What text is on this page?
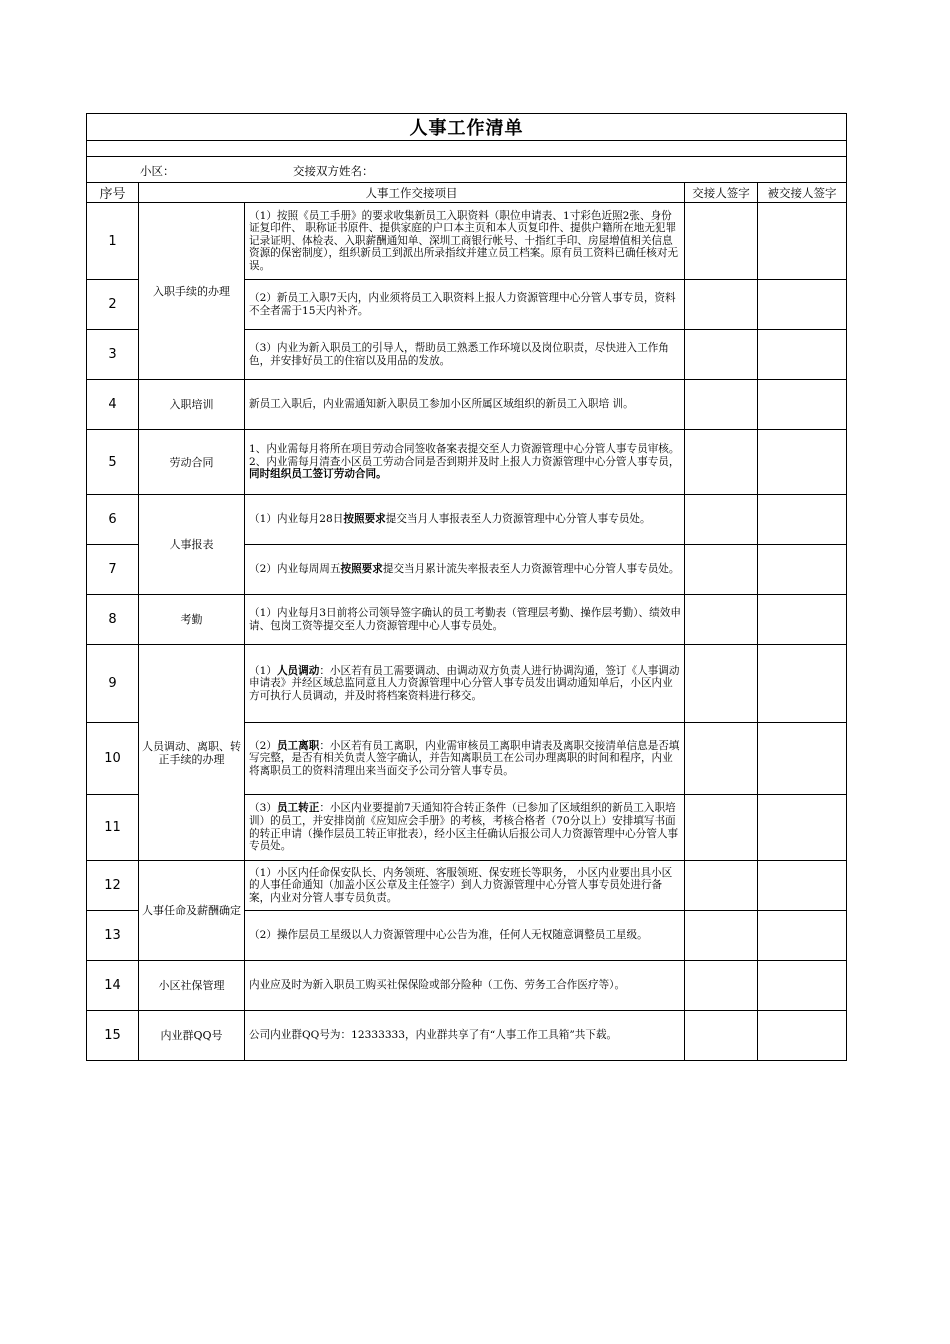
人事工作清单				

小区： 交接双方姓名：				

序号	人事工作交接项目		交接人签字	被交接人签字
1	入职手续的办理	（1）按照《员工手册》的要求收集新员工入职资料（职位申请表、1寸彩色近照2张、身份证复印件、 职称证书原件、提供家庭的户口本主页和本人页复印件、提供户籍所在地无犯罪记录证明、体检表、入职薪酬通知单、深圳工商银行帐号、十指红手印、房屋增值相关信息资源的保密制度），组织新员工到派出所录指纹并建立员工档案。原有员工资料已确任核对无误。		
2		（2）新员工入职7天内，内业须将员工入职资料上报人力资源管理中心分管人事专员，资料不全者需于15天内补齐。		
3		（3）内业为新入职员工的引导人，帮助员工熟悉工作环境以及岗位职责，尽快进入工作角色，并安排好员工的住宿以及用品的发放。		
4	入职培训	新员工入职后，内业需通知新入职员工参加小区所属区域组织的新员工入职培 训。		
5	劳动合同	1、内业需每月将所在项目劳动合同签收备案表提交至人力资源管理中心分管人事专员审核。
2、内业需每月清查小区员工劳动合同是否到期并及时上报人力资源管理中心分管人事专员，同时组织员工签订劳动合同。		
6	人事报表	（1）内业每月28日按照要求提交当月人事报表至人力资源管理中心分管人事专员处。		
7		（2）内业每周周五按照要求提交当月累计流失率报表至人力资源管理中心分管人事专员处。		
8	考勤	（1）内业每月3日前将公司领导签字确认的员工考勤表（管理层考勤、操作层考勤）、绩效申请、包岗工资等提交至人力资源管理中心人事专员处。		
9	人员调动、离职、转正手续的办理	（1）人员调动：小区若有员工需要调动、由调动双方负责人进行协调沟通，签订《人事调动申请表》并经区域总监同意且人力资源管理中心分管人事专员发出调动通知单后，小区内业方可执行人员调动，并及时将档案资料进行移交。		
10		（2）员工离职：小区若有员工离职，内业需审核员工离职申请表及离职交接清单信息是否填写完整，是否有相关负责人签字确认，并告知离职员工在公司办理离职的时间和程序，内业将离职员工的资料清理出来当面交予公司分管人事专员。		
11		（3）员工转正：小区内业要提前7天通知符合转正条件（已参加了区域组织的新员工入职培训）的员工，并安排岗前《应知应会手册》的考核，考核合格者（70分以上）安排填写书面的转正申请（操作层员工转正审批表），经小区主任确认后报公司人力资源管理中心分管人事专员处。		
12	人事任命及薪酬确定	（1）小区内任命保安队长、内务领班、客服领班、保安班长等职务， 小区内业要出具小区的人事任命通知（加盖小区公章及主任签字）到人力资源管理中心分管人事专员处进行备案，内业对分管人事专员负责。		
13		（2）操作层员工星级以人力资源管理中心公告为准，任何人无权随意调整员工星级。		
14	小区社保管理	内业应及时为新入职员工购买社保保险或部分险种（工伤、劳务工合作医疗等）。		
15	内业群QQ号	公司内业群QQ号为：12333333，内业群共享了有“人事工作工具箱”共下载。		
